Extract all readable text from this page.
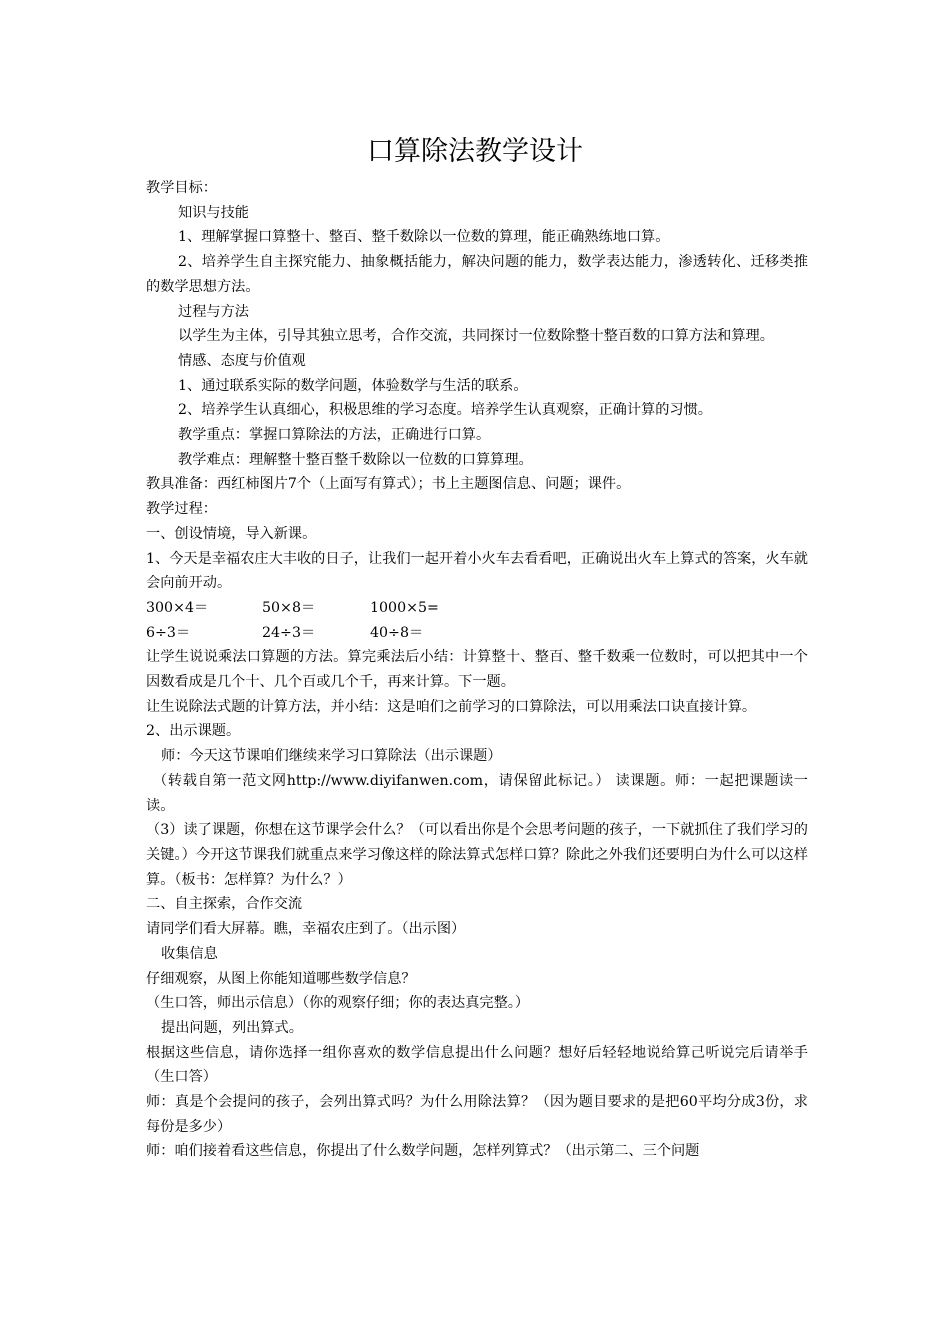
口算除法教学设计

教学目标：

知识与技能

1、理解掌握口算整十、整百、整千数除以一位数的算理，能正确熟练地口算。

2、培养学生自主探究能力、抽象概括能力，解决问题的能力，数学表达能力，渗透转化、迁移类推的数学思想方法。

过程与方法

以学生为主体，引导其独立思考，合作交流，共同探讨一位数除整十整百数的口算方法和算理。

情感、态度与价值观

1、通过联系实际的数学问题，体验数学与生活的联系。

2、培养学生认真细心，积极思维的学习态度。培养学生认真观察，正确计算的习惯。

教学重点：掌握口算除法的方法，正确进行口算。

教学难点：理解整十整百整千数除以一位数的口算算理。

教具准备：西红柿图片7个（上面写有算式）；书上主题图信息、问题；课件。

教学过程：

一、创设情境，导入新课。

1、今天是幸福农庄大丰收的日子，让我们一起开着小火车去看看吧，正确说出火车上算式的答案，火车就会向前开动。

300×4＝	50×8＝	1000×5=
6÷3＝	24÷3＝	40÷8＝

让学生说说乘法口算题的方法。算完乘法后小结：计算整十、整百、整千数乘一位数时，可以把其中一个因数看成是几个十、几个百或几个千，再来计算。下一题。

让生说除法式题的计算方法，并小结：这是咱们之前学习的口算除法，可以用乘法口诀直接计算。

2、出示课题。

师：今天这节课咱们继续来学习口算除法（出示课题）

（转载自第一范文网http://www.diyifanwen.com，请保留此标记。） 读课题。师：一起把课题读一读。

（3）读了课题，你想在这节课学会什么？（可以看出你是个会思考问题的孩子，一下就抓住了我们学习的关键。）今开这节课我们就重点来学习像这样的除法算式怎样口算？除此之外我们还要明白为什么可以这样算。（板书：怎样算？为什么？）

二、自主探索，合作交流

请同学们看大屏幕。瞧，幸福农庄到了。（出示图）

收集信息

仔细观察，从图上你能知道哪些数学信息？

（生口答，师出示信息）（你的观察仔细；你的表达真完整。）

提出问题，列出算式。

根据这些信息，请你选择一组你喜欢的数学信息提出什么问题？想好后轻轻地说给算己听说完后请举手（生口答）

师：真是个会提问的孩子，会列出算式吗？为什么用除法算？（因为题目要求的是把60平均分成3份，求每份是多少）

师：咱们接着看这些信息，你提出了什么数学问题，怎样列算式？（出示第二、三个问题
